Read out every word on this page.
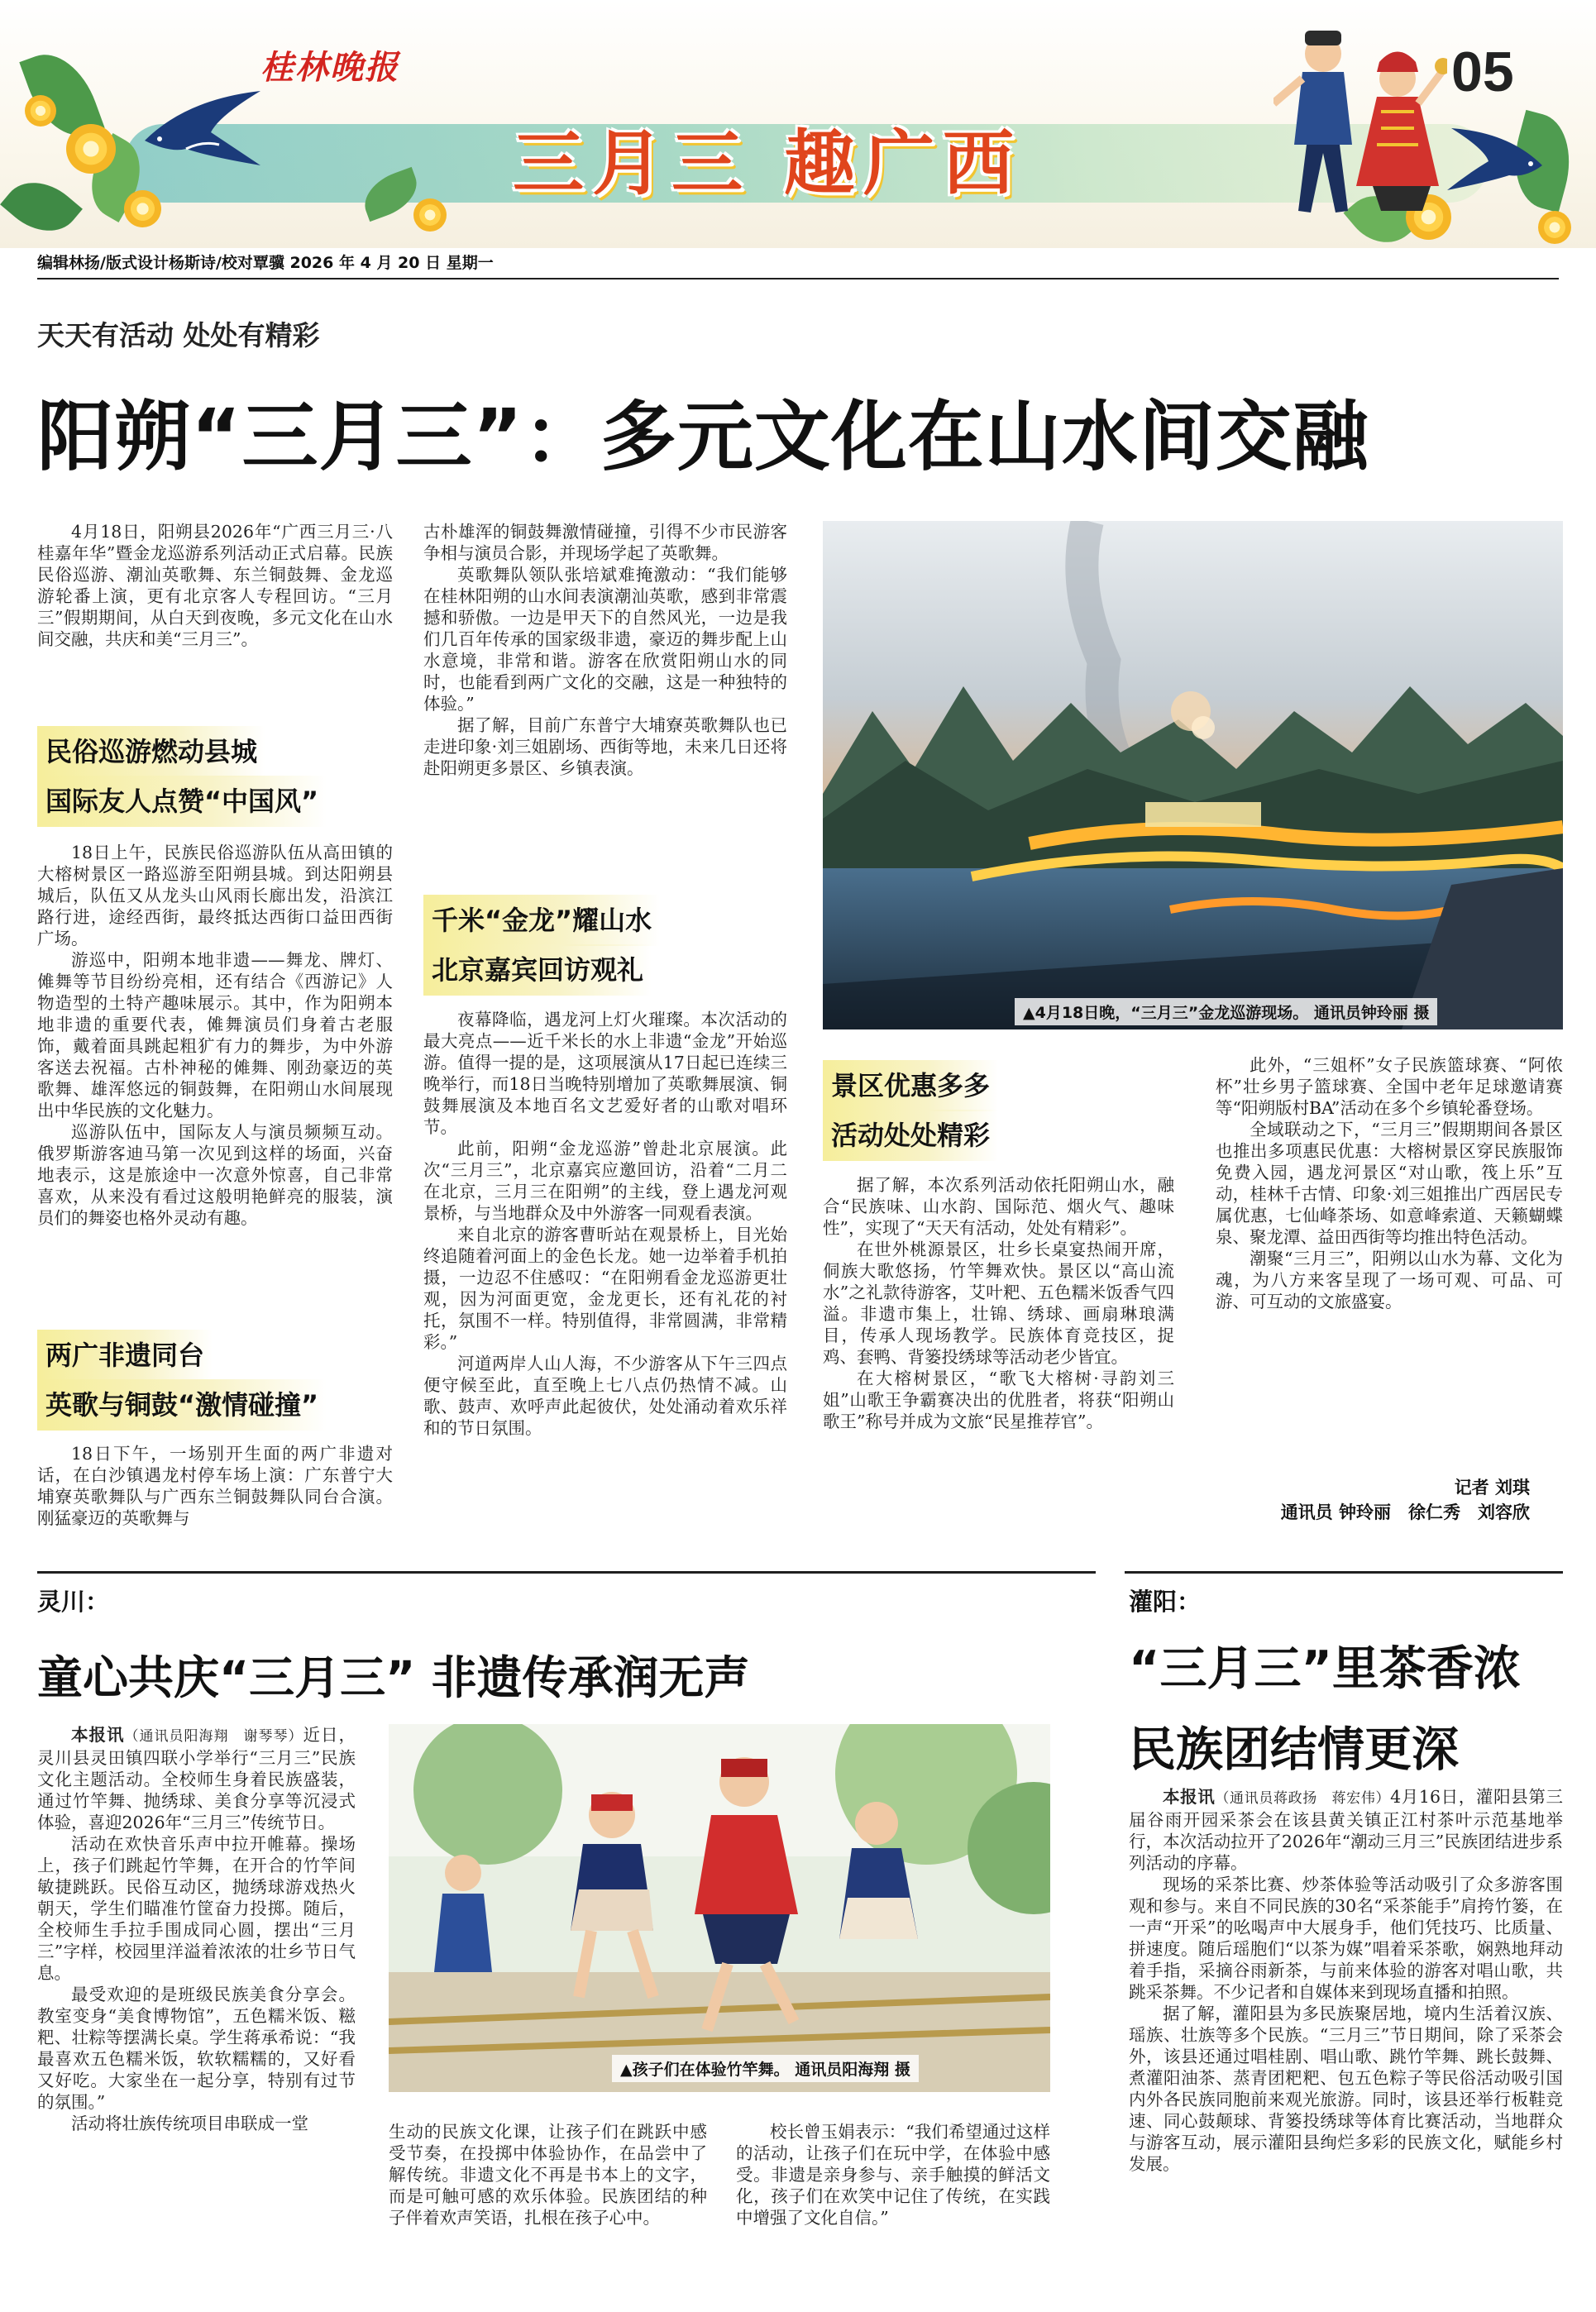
桂林晚报
三月三 趣广西
05
编辑林扬/版式设计杨斯诗/校对覃骥 2026 年 4 月 20 日 星期一
天天有活动 处处有精彩
阳朔“三月三”：多元文化在山水间交融

4月18日，阳朔县2026年“广西三月三·八桂嘉年华”暨金龙巡游系列活动正式启幕。民族民俗巡游、潮汕英歌舞、东兰铜鼓舞、金龙巡游轮番上演，更有北京客人专程回访。“三月三”假期期间，从白天到夜晚，多元文化在山水间交融，共庆和美“三月三”。

民俗巡游燃动县城
国际友人点赞“中国风”

18日上午，民族民俗巡游队伍从高田镇的大榕树景区一路巡游至阳朔县城。到达阳朔县城后，队伍又从龙头山风雨长廊出发，沿滨江路行进，途经西街，最终抵达西街口益田西街广场。

游巡中，阳朔本地非遗——舞龙、牌灯、傩舞等节目纷纷亮相，还有结合《西游记》人物造型的土特产趣味展示。其中，作为阳朔本地非遗的重要代表，傩舞演员们身着古老服饰，戴着面具跳起粗犷有力的舞步，为中外游客送去祝福。古朴神秘的傩舞、刚劲豪迈的英歌舞、雄浑悠远的铜鼓舞，在阳朔山水间展现出中华民族的文化魅力。

巡游队伍中，国际友人与演员频频互动。俄罗斯游客迪马第一次见到这样的场面，兴奋地表示，这是旅途中一次意外惊喜，自己非常喜欢，从来没有看过这般明艳鲜亮的服装，演员们的舞姿也格外灵动有趣。

两广非遗同台
英歌与铜鼓“激情碰撞”

18日下午，一场别开生面的两广非遗对话，在白沙镇遇龙村停车场上演：广东普宁大埔寮英歌舞队与广西东兰铜鼓舞队同台合演。刚猛豪迈的英歌舞与

古朴雄浑的铜鼓舞激情碰撞，引得不少市民游客争相与演员合影，并现场学起了英歌舞。

英歌舞队领队张培斌难掩激动：“我们能够在桂林阳朔的山水间表演潮汕英歌，感到非常震撼和骄傲。一边是甲天下的自然风光，一边是我们几百年传承的国家级非遗，豪迈的舞步配上山水意境，非常和谐。游客在欣赏阳朔山水的同时，也能看到两广文化的交融，这是一种独特的体验。”

据了解，目前广东普宁大埔寮英歌舞队也已走进印象·刘三姐剧场、西街等地，未来几日还将赴阳朔更多景区、乡镇表演。

千米“金龙”耀山水
北京嘉宾回访观礼

夜幕降临，遇龙河上灯火璀璨。本次活动的最大亮点——近千米长的水上非遗“金龙”开始巡游。值得一提的是，这项展演从17日起已连续三晚举行，而18日当晚特别增加了英歌舞展演、铜鼓舞展演及本地百名文艺爱好者的山歌对唱环节。

此前，阳朔“金龙巡游”曾赴北京展演。此次“三月三”，北京嘉宾应邀回访，沿着“二月二在北京，三月三在阳朔”的主线，登上遇龙河观景桥，与当地群众及中外游客一同观看表演。

来自北京的游客曹昕站在观景桥上，目光始终追随着河面上的金色长龙。她一边举着手机拍摄，一边忍不住感叹：“在阳朔看金龙巡游更壮观，因为河面更宽，金龙更长，还有礼花的衬托，氛围不一样。特别值得，非常圆满，非常精彩。”

河道两岸人山人海，不少游客从下午三四点便守候至此，直至晚上七八点仍热情不减。山歌、鼓声、欢呼声此起彼伏，处处涌动着欢乐祥和的节日氛围。

▲4月18日晚，“三月三”金龙巡游现场。 通讯员钟玲丽 摄
景区优惠多多
活动处处精彩

据了解，本次系列活动依托阳朔山水，融合“民族味、山水韵、国际范、烟火气、趣味性”，实现了“天天有活动，处处有精彩”。

在世外桃源景区，壮乡长桌宴热闹开席，侗族大歌悠扬，竹竿舞欢快。景区以“高山流水”之礼款待游客，艾叶粑、五色糯米饭香气四溢。非遗市集上，壮锦、绣球、画扇琳琅满目，传承人现场教学。民族体育竞技区，捉鸡、套鸭、背篓投绣球等活动老少皆宜。

在大榕树景区，“歌飞大榕树·寻韵刘三姐”山歌王争霸赛决出的优胜者，将获“阳朔山歌王”称号并成为文旅“民星推荐官”。

此外，“三姐杯”女子民族篮球赛、“阿侬杯”壮乡男子篮球赛、全国中老年足球邀请赛等“阳朔版村BA”活动在多个乡镇轮番登场。

全域联动之下，“三月三”假期期间各景区也推出多项惠民优惠：大榕树景区穿民族服饰免费入园，遇龙河景区“对山歌，筏上乐”互动，桂林千古情、印象·刘三姐推出广西居民专属优惠，七仙峰茶场、如意峰索道、天籁蝴蝶泉、聚龙潭、益田西街等均推出特色活动。

潮聚“三月三”，阳朔以山水为幕、文化为魂，为八方来客呈现了一场可观、可品、可游、可互动的文旅盛宴。

记者 刘琪
通讯员 钟玲丽　徐仁秀　刘容欣
灵川：
童心共庆“三月三” 非遗传承润无声

本报讯（通讯员阳海翔　谢琴琴）近日，灵川县灵田镇四联小学举行“三月三”民族文化主题活动。全校师生身着民族盛装，通过竹竿舞、抛绣球、美食分享等沉浸式体验，喜迎2026年“三月三”传统节日。

活动在欢快音乐声中拉开帷幕。操场上，孩子们跳起竹竿舞，在开合的竹竿间敏捷跳跃。民俗互动区，抛绣球游戏热火朝天，学生们瞄准竹筐奋力投掷。随后，全校师生手拉手围成同心圆，摆出“三月三”字样，校园里洋溢着浓浓的壮乡节日气息。

最受欢迎的是班级民族美食分享会。教室变身“美食博物馆”，五色糯米饭、糍粑、壮粽等摆满长桌。学生蒋承希说：“我最喜欢五色糯米饭，软软糯糯的，又好看又好吃。大家坐在一起分享，特别有过节的氛围。”

活动将壮族传统项目串联成一堂

▲孩子们在体验竹竿舞。 通讯员阳海翔 摄

生动的民族文化课，让孩子们在跳跃中感受节奏，在投掷中体验协作，在品尝中了解传统。非遗文化不再是书本上的文字，而是可触可感的欢乐体验。民族团结的种子伴着欢声笑语，扎根在孩子心中。

校长曾玉娟表示：“我们希望通过这样的活动，让孩子们在玩中学，在体验中感受。非遗是亲身参与、亲手触摸的鲜活文化，孩子们在欢笑中记住了传统，在实践中增强了文化自信。”

灌阳：
“三月三”里茶香浓
民族团结情更深

本报讯（通讯员蒋政扬　蒋宏伟）4月16日，灌阳县第三届谷雨开园采茶会在该县黄关镇正江村茶叶示范基地举行，本次活动拉开了2026年“潮动三月三”民族团结进步系列活动的序幕。

现场的采茶比赛、炒茶体验等活动吸引了众多游客围观和参与。来自不同民族的30名“采茶能手”肩挎竹篓，在一声“开采”的吆喝声中大展身手，他们凭技巧、比质量、拼速度。随后瑶胞们“以茶为媒”唱着采茶歌，娴熟地拜动着手指，采摘谷雨新茶，与前来体验的游客对唱山歌，共跳采茶舞。不少记者和自媒体来到现场直播和拍照。

据了解，灌阳县为多民族聚居地，境内生活着汉族、瑶族、壮族等多个民族。“三月三”节日期间，除了采茶会外，该县还通过唱桂剧、唱山歌、跳竹竿舞、跳长鼓舞、煮灌阳油茶、蒸青团粑粑、包五色粽子等民俗活动吸引国内外各民族同胞前来观光旅游。同时，该县还举行板鞋竞速、同心鼓颠球、背篓投绣球等体育比赛活动，当地群众与游客互动，展示灌阳县绚烂多彩的民族文化，赋能乡村发展。
